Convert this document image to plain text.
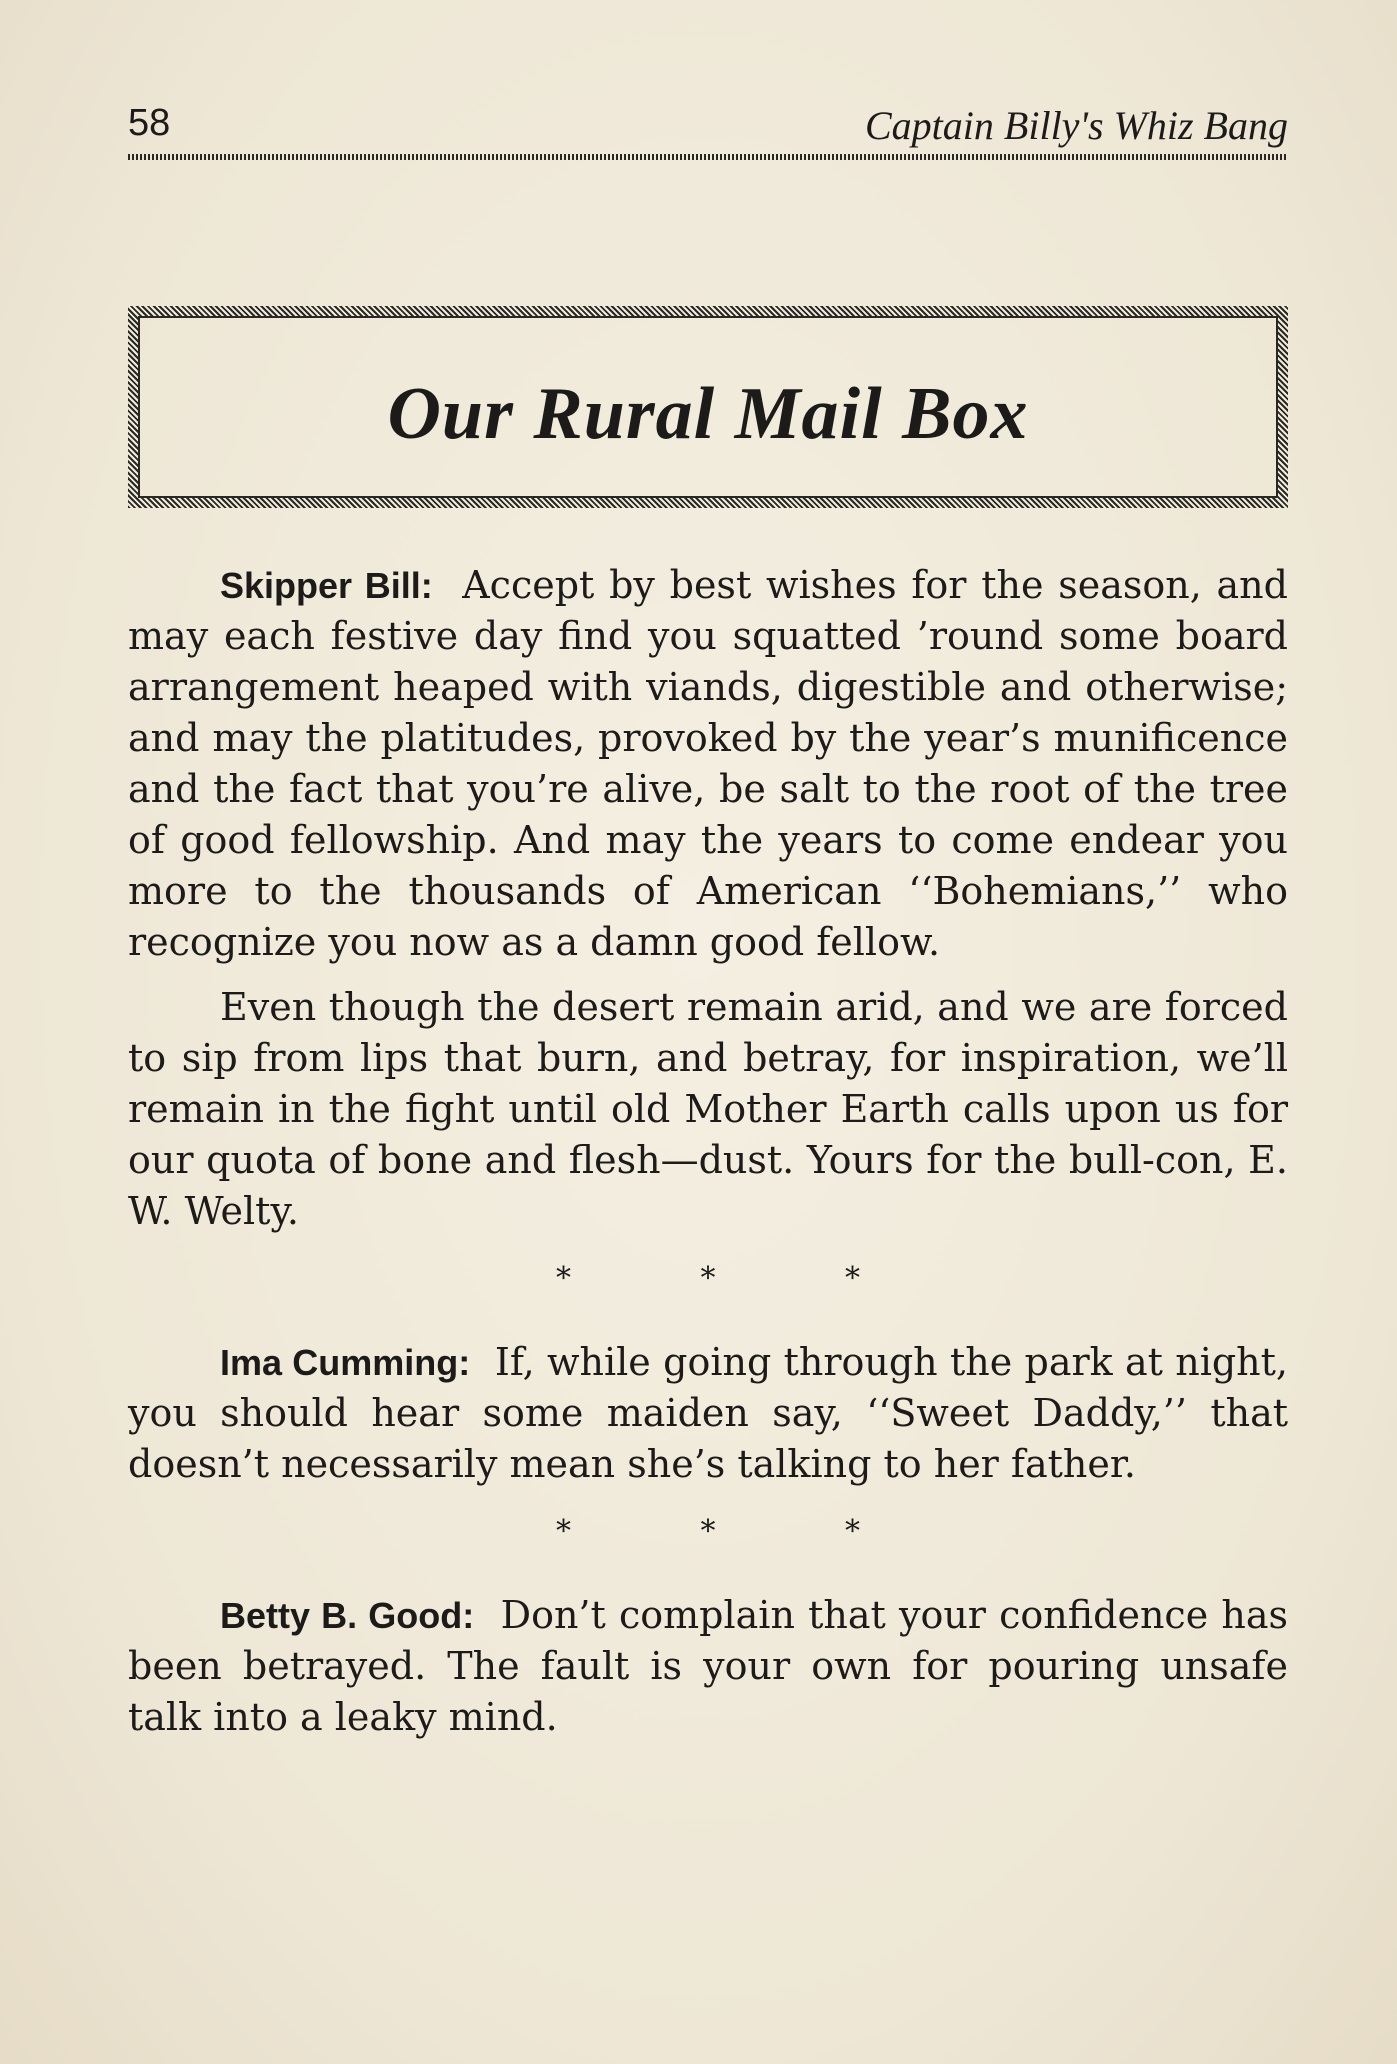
58	Captain Billy's Whiz Bang
Our Rural Mail Box

Skipper Bill: Accept by best wishes for the season, and may each festive day find you squatted ’round some board arrangement heaped with viands, digestible and otherwise; and may the platitudes, provoked by the year’s munificence and the fact that you’re alive, be salt to the root of the tree of good fellowship. And may the years to come endear you more to the thousands of American ‘‘Bohemians,’’ who recognize you now as a damn good fellow.

Even though the desert remain arid, and we are forced to sip from lips that burn, and betray, for inspiration, we’ll remain in the fight until old Mother Earth calls upon us for our quota of bone and flesh—dust. Yours for the bull-con, E. W. Welty.

* * *

Ima Cumming: If, while going through the park at night, you should hear some maiden say, ‘‘Sweet Daddy,’’ that doesn’t necessarily mean she’s talking to her father.

* * *

Betty B. Good: Don’t complain that your confidence has been betrayed. The fault is your own for pouring unsafe talk into a leaky mind.
